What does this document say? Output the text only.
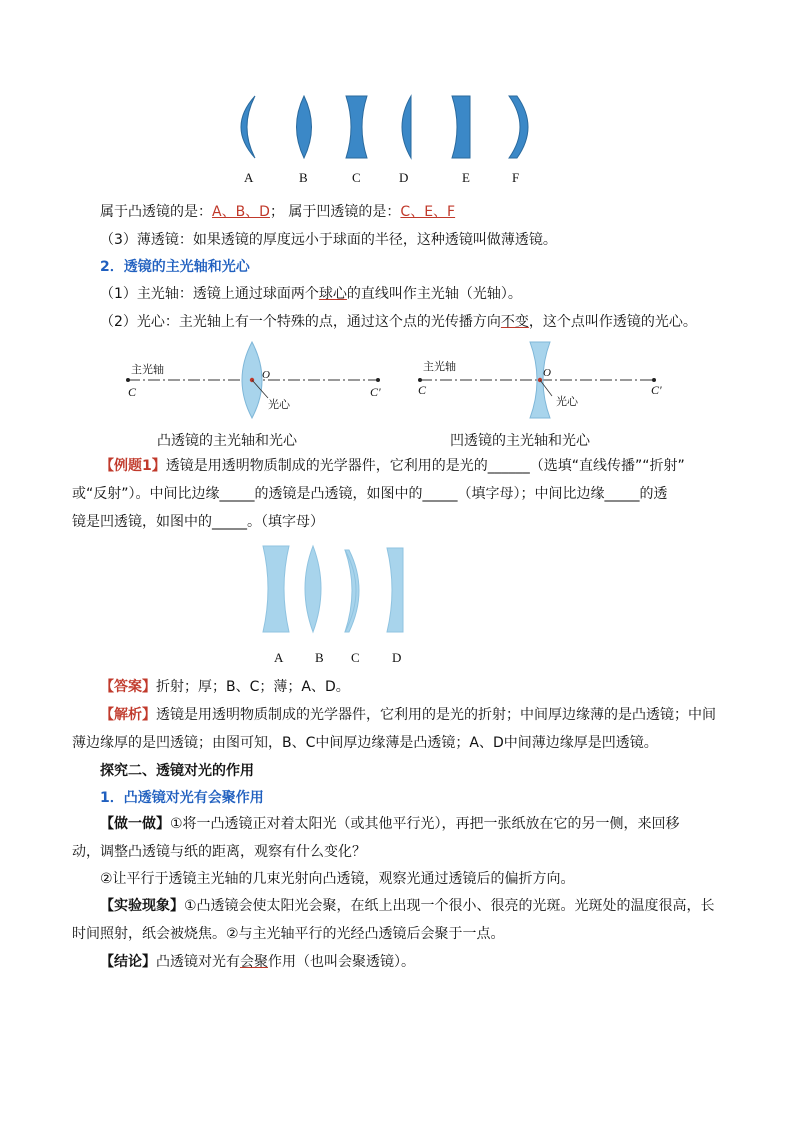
A	B	C	D	E	F
属于凸透镜的是：A、B、D； 属于凹透镜的是：C、E、F
（3）薄透镜：如果透镜的厚度远小于球面的半径，这种透镜叫做薄透镜。
2．透镜的主光轴和光心
（1）主光轴：透镜上通过球面两个球心的直线叫作主光轴（光轴）。
（2）光心：主光轴上有一个特殊的点，通过这个点的光传播方向不变，这个点叫作透镜的光心。
主光轴
C	C'
O
光心
凸透镜的主光轴和光心
主光轴
C	C'
O
光心
凹透镜的主光轴和光心
【例题1】透镜是用透明物质制成的光学器件，它利用的是光的______（选填“直线传播”“折射”
或“反射”）。中间比边缘_____的透镜是凸透镜，如图中的_____（填字母）；中间比边缘_____的透
镜是凹透镜，如图中的_____。（填字母）
A B C D
【答案】折射；厚；B、C；薄；A、D。
【解析】透镜是用透明物质制成的光学器件，它利用的是光的折射；中间厚边缘薄的是凸透镜；中间
薄边缘厚的是凹透镜；由图可知，B、C中间厚边缘薄是凸透镜；A、D中间薄边缘厚是凹透镜。
探究二、透镜对光的作用
1．凸透镜对光有会聚作用
【做一做】①将一凸透镜正对着太阳光（或其他平行光），再把一张纸放在它的另一侧，来回移
动，调整凸透镜与纸的距离，观察有什么变化？
②让平行于透镜主光轴的几束光射向凸透镜，观察光通过透镜后的偏折方向。
【实验现象】①凸透镜会使太阳光会聚，在纸上出现一个很小、很亮的光斑。光斑处的温度很高，长
时间照射，纸会被烧焦。②与主光轴平行的光经凸透镜后会聚于一点。
【结论】凸透镜对光有会聚作用（也叫会聚透镜）。
